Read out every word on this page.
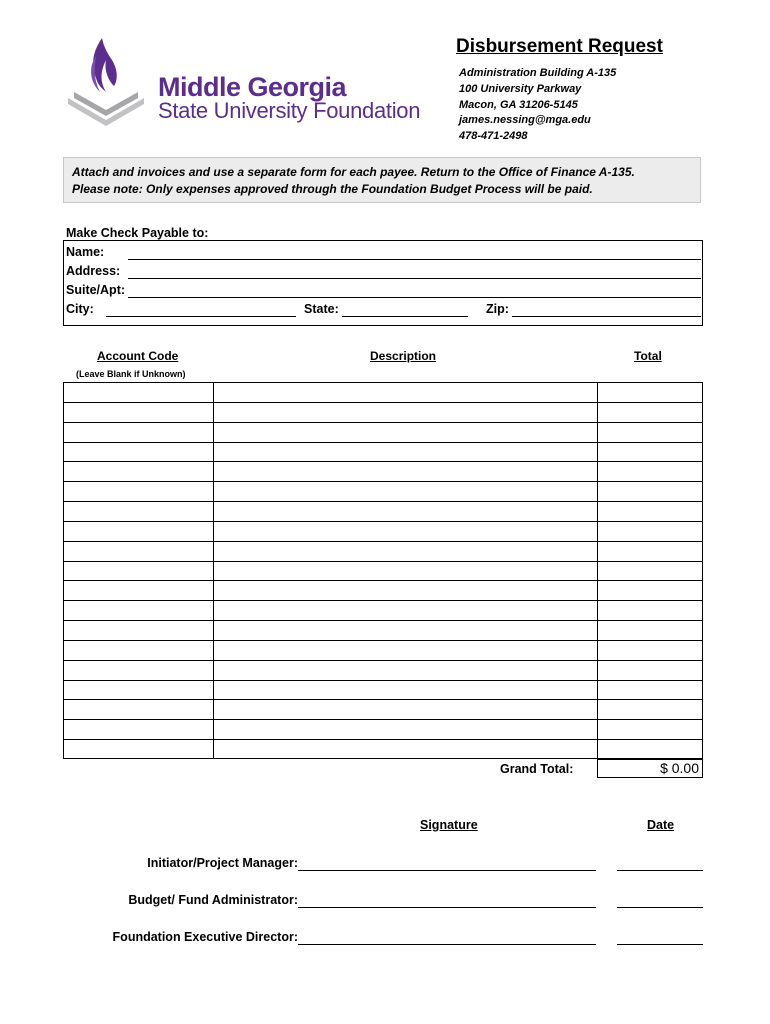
Middle Georgia
State University Foundation
Disbursement Request
Administration Building A-135
100 University Parkway
Macon, GA 31206-5145
james.nessing@mga.edu
478-471-2498
Attach and invoices and use a separate form for each payee. Return to the Office of Finance A-135.
Please note: Only expenses approved through the Foundation Budget Process will be paid.
Make Check Payable to:
Name:
Address:
Suite/Apt:
City:	State:	Zip:
Account Code
(Leave Blank if Unknown)
Description	Total
Grand Total:	$ 0.00
Signature	Date
Initiator/Project Manager:
Budget/ Fund Administrator:
Foundation Executive Director:
